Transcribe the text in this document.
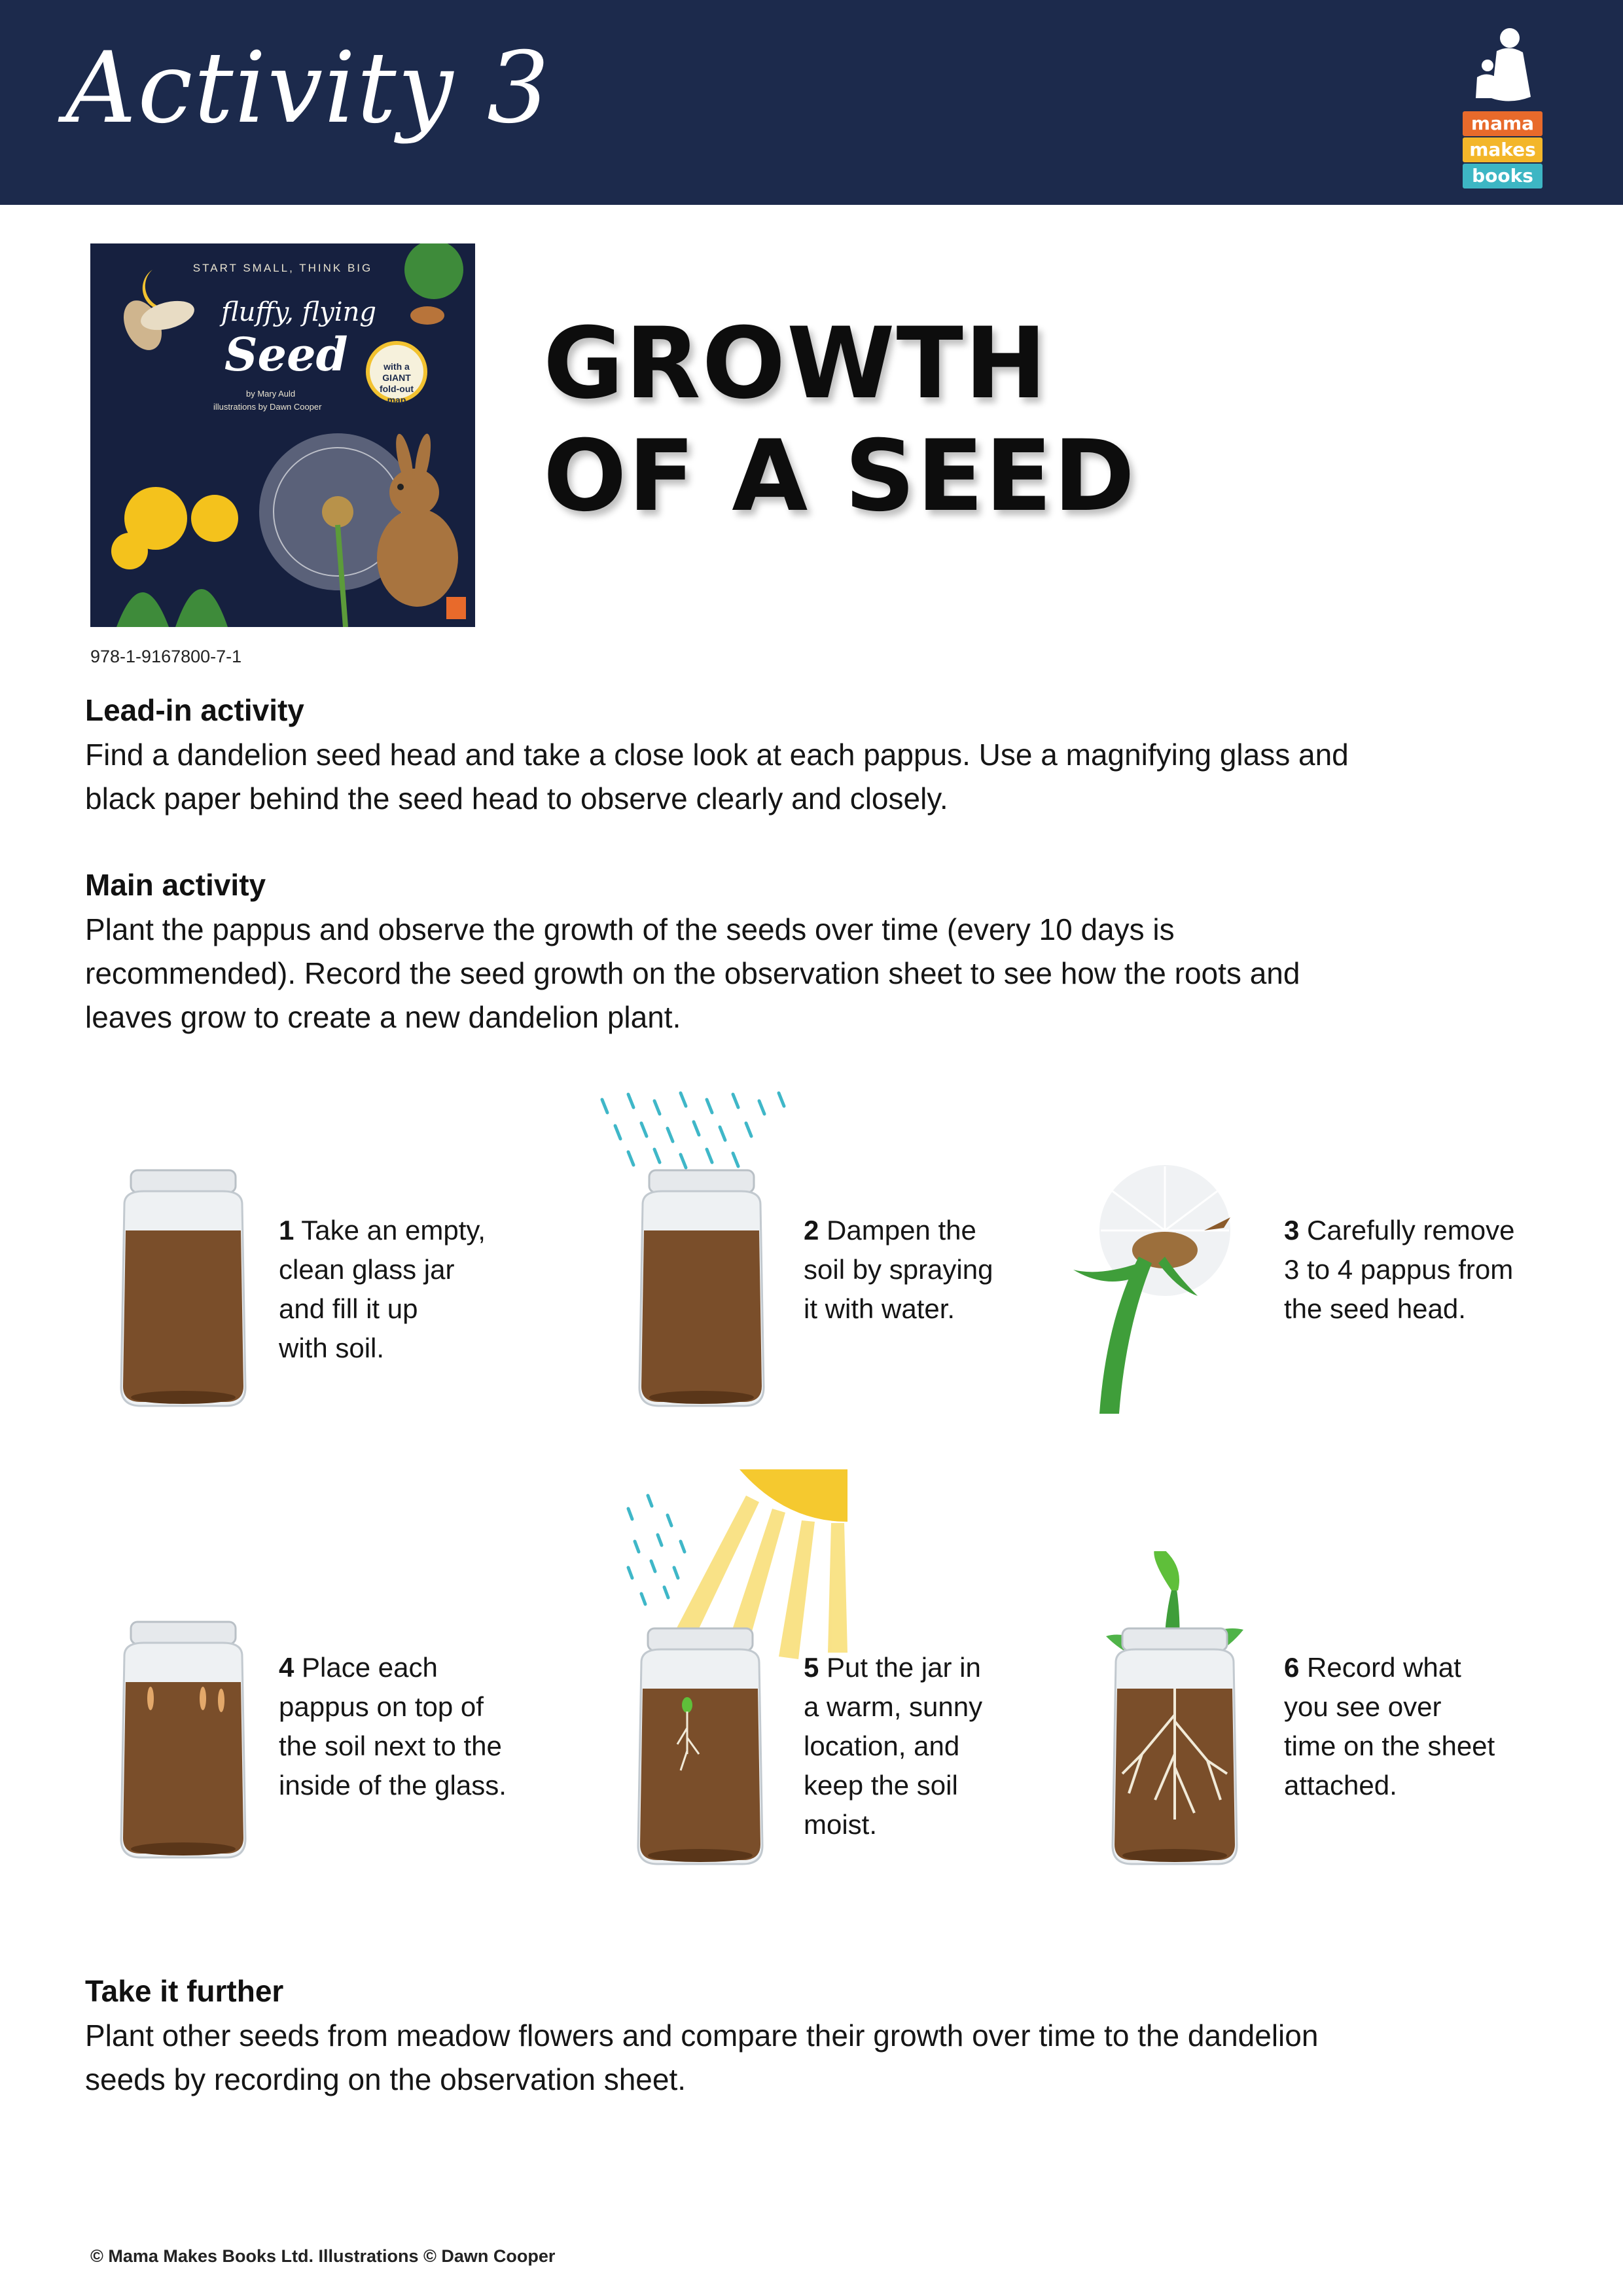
Activity 3	mama
makes
books
START SMALL, THINK BIG
fluffy, flying
Seed
by Mary Auld
illustrations by Dawn Cooper
with a
GIANT
fold-out
map
978-1-9167800-7-1
GROWTH
OF A SEED
Lead-in activity
Find a dandelion seed head and take a close look at each pappus. Use a magnifying glass and
black paper behind the seed head to observe clearly and closely.
Main activity
Plant the pappus and observe the growth of the seeds over time (every 10 days is
recommended). Record the seed growth on the observation sheet to see how the roots and
leaves grow to create a new dandelion plant.
1 Take an empty,
clean glass jar
and fill it up
with soil.
2 Dampen the
soil by spraying
it with water.
3 Carefully remove
3 to 4 pappus from
the seed head.
4 Place each
pappus on top of
the soil next to the
inside of the glass.
5 Put the jar in
a warm, sunny
location, and
keep the soil
moist.
6 Record what
you see over
time on the sheet
attached.
Take it further
Plant other seeds from meadow flowers and compare their growth over time to the dandelion
seeds by recording on the observation sheet.
© Mama Makes Books Ltd. Illustrations © Dawn Cooper
